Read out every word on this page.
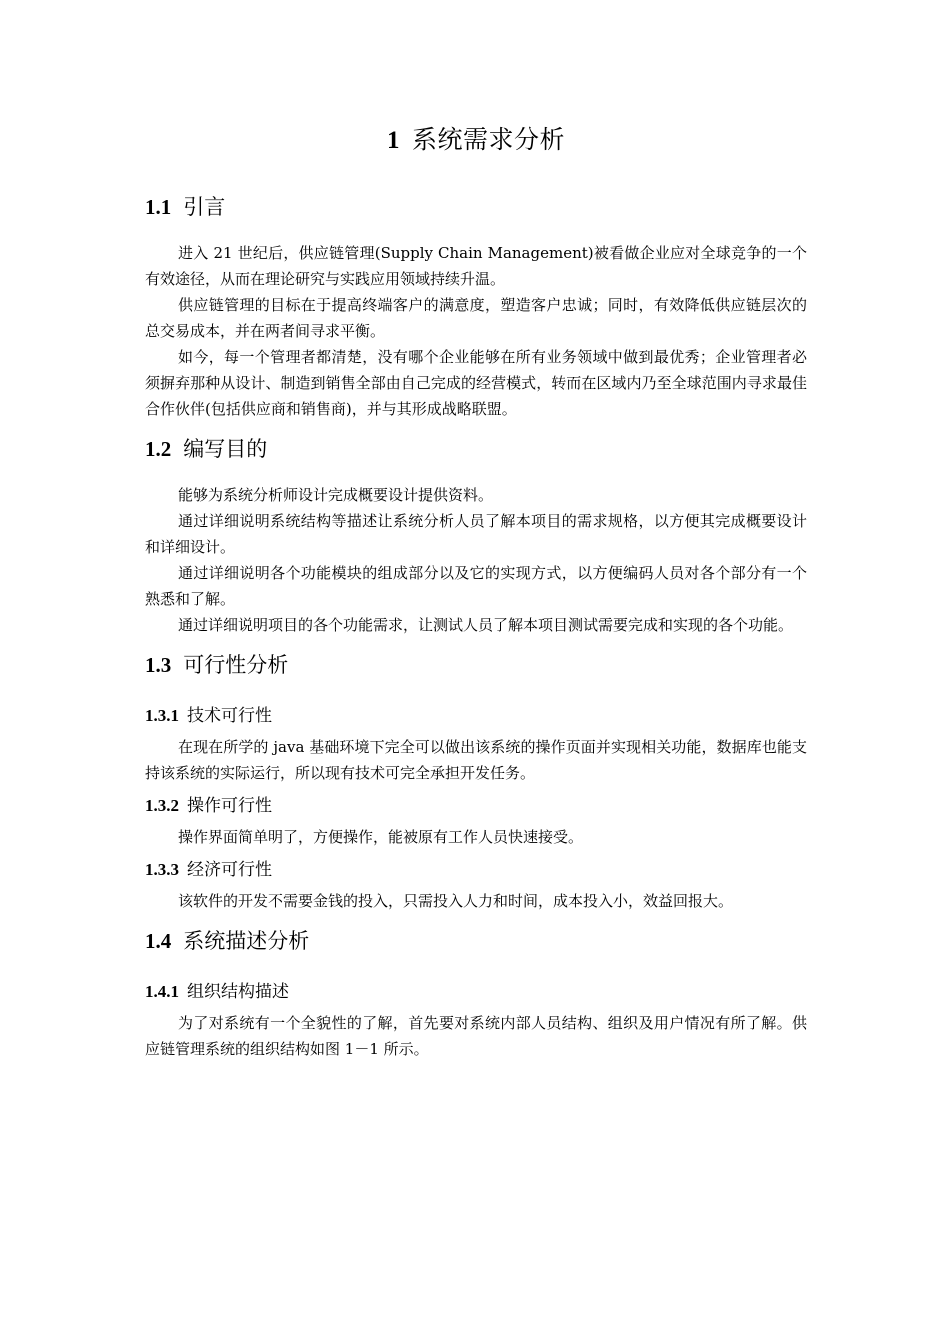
1 系统需求分析
1.1 引言

进入 21 世纪后，供应链管理(Supply Chain Management)被看做企业应对全球竞争的一个有效途径，从而在理论研究与实践应用领域持续升温。

供应链管理的目标在于提高终端客户的满意度，塑造客户忠诚；同时，有效降低供应链层次的总交易成本，并在两者间寻求平衡。

如今，每一个管理者都清楚，没有哪个企业能够在所有业务领域中做到最优秀；企业管理者必须摒弃那种从设计、制造到销售全部由自己完成的经营模式，转而在区域内乃至全球范围内寻求最佳合作伙伴(包括供应商和销售商)，并与其形成战略联盟。

1.2 编写目的

能够为系统分析师设计完成概要设计提供资料。

通过详细说明系统结构等描述让系统分析人员了解本项目的需求规格，以方便其完成概要设计和详细设计。

通过详细说明各个功能模块的组成部分以及它的实现方式，以方便编码人员对各个部分有一个熟悉和了解。

通过详细说明项目的各个功能需求，让测试人员了解本项目测试需要完成和实现的各个功能。

1.3 可行性分析
1.3.1 技术可行性

在现在所学的 java 基础环境下完全可以做出该系统的操作页面并实现相关功能，数据库也能支持该系统的实际运行，所以现有技术可完全承担开发任务。

1.3.2 操作可行性

操作界面简单明了，方便操作，能被原有工作人员快速接受。

1.3.3 经济可行性

该软件的开发不需要金钱的投入，只需投入人力和时间，成本投入小，效益回报大。

1.4 系统描述分析
1.4.1 组织结构描述

为了对系统有一个全貌性的了解，首先要对系统内部人员结构、组织及用户情况有所了解。供应链管理系统的组织结构如图 1－1 所示。
